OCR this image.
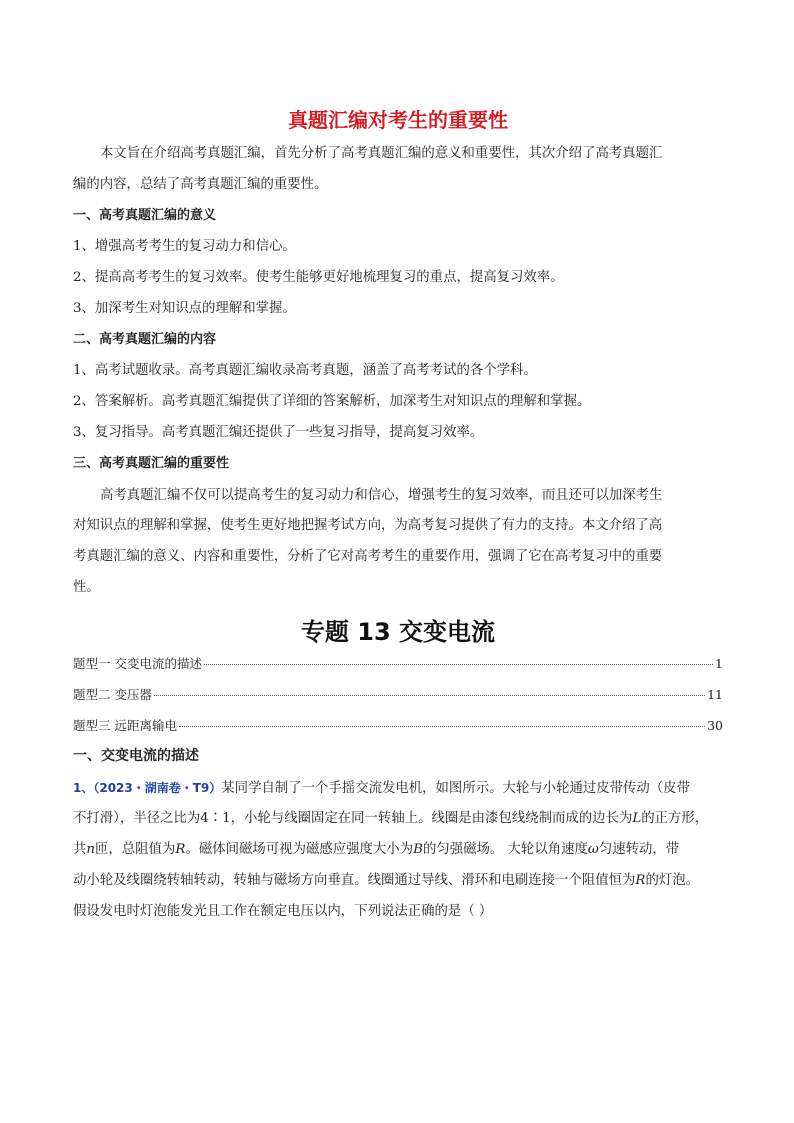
真题汇编对考生的重要性
本文旨在介绍高考真题汇编，首先分析了高考真题汇编的意义和重要性，其次介绍了高考真题汇
编的内容，总结了高考真题汇编的重要性。
一、高考真题汇编的意义
1、增强高考考生的复习动力和信心。
2、提高高考考生的复习效率。使考生能够更好地梳理复习的重点，提高复习效率。
3、加深考生对知识点的理解和掌握。
二、高考真题汇编的内容
1、高考试题收录。高考真题汇编收录高考真题，涵盖了高考考试的各个学科。
2、答案解析。高考真题汇编提供了详细的答案解析，加深考生对知识点的理解和掌握。
3、复习指导。高考真题汇编还提供了一些复习指导，提高复习效率。
三、高考真题汇编的重要性
高考真题汇编不仅可以提高考生的复习动力和信心，增强考生的复习效率，而且还可以加深考生
对知识点的理解和掌握，使考生更好地把握考试方向，为高考复习提供了有力的支持。本文介绍了高
考真题汇编的意义、内容和重要性，分析了它对高考考生的重要作用，强调了它在高考复习中的重要
性。
专题 13 交变电流
题型一 交变电流的描述	1
题型二 变压器	11
题型三 远距离输电	30
一、交变电流的描述
1、（2023・湖南卷・T9）某同学自制了一个手摇交流发电机，如图所示。大轮与小轮通过皮带传动（皮带
不打滑），半径之比为4∶1，小轮与线圈固定在同一转轴上。线圈是由漆包线绕制而成的边长为L的正方形，
共n匝，总阻值为R。磁体间磁场可视为磁感应强度大小为B的匀强磁场。 大轮以角速度ω匀速转动，带
动小轮及线圈绕转轴转动，转轴与磁场方向垂直。线圈通过导线、滑环和电刷连接一个阻值恒为R的灯泡。
假设发电时灯泡能发光且工作在额定电压以内，下列说法正确的是（ ）
